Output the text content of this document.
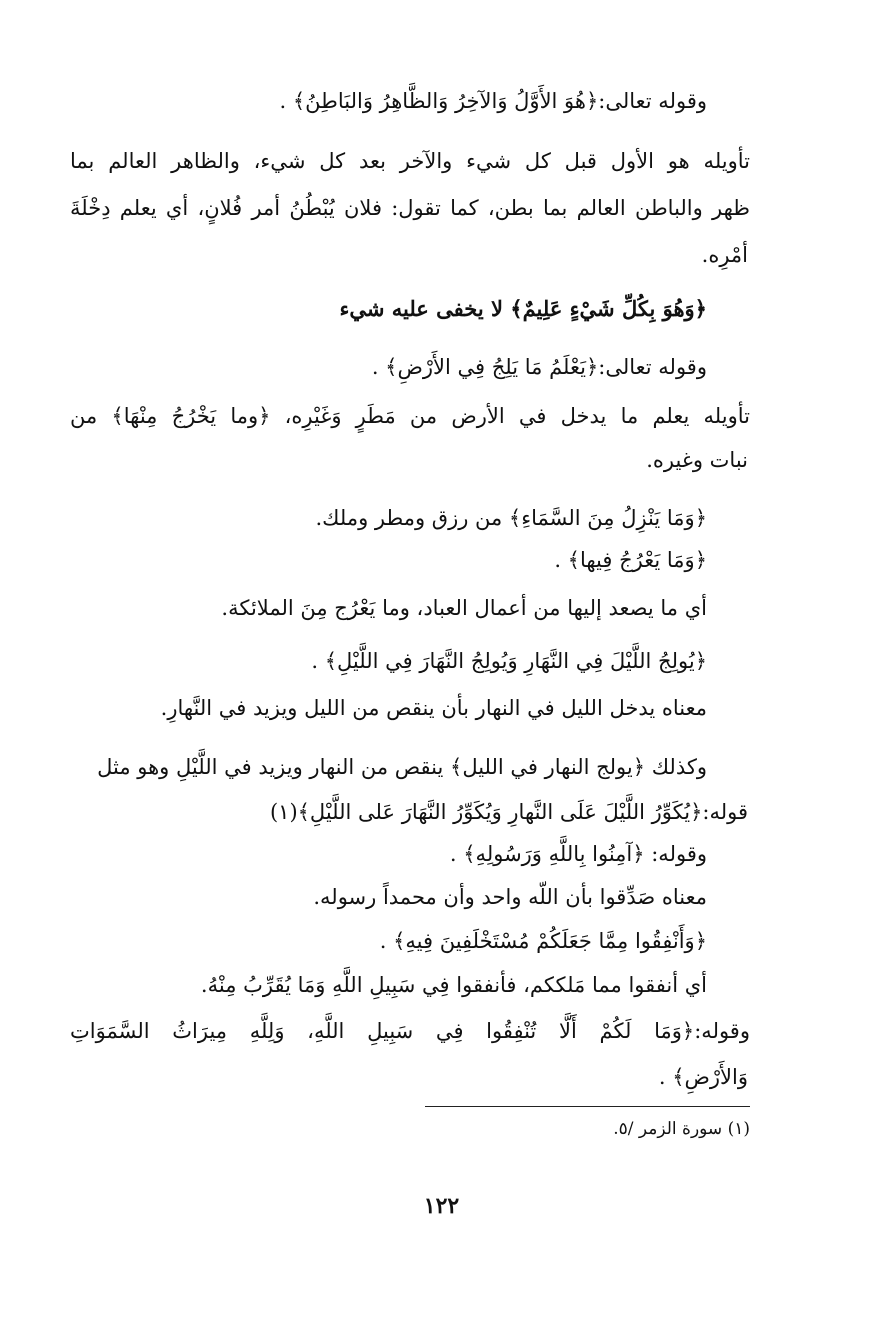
وقوله تعالى:﴿هُوَ الأَوَّلُ وَالآخِرُ وَالظَّاهِرُ وَالبَاطِنُ﴾ .
تأويله هو الأول قبل كل شيء والآخر بعد كل شيء، والظاهر العالم بما
ظهر والباطن العالم بما بطن، كما تقول: فلان يُبْطُنُ أمر فُلانٍ، أي يعلم دِخْلَةَ
أمْرِه.
﴿وَهُوَ بِكُلِّ شَيْءٍ عَلِيمٌ﴾ لا يخفى عليه شيء
وقوله تعالى:﴿يَعْلَمُ مَا يَلِجُ فِي الأَرْضِ﴾ .
تأويله يعلم ما يدخل في الأرض من مَطَرٍ وَغَيْرِه، ﴿وما يَخْرُجُ مِنْهَا﴾ من
نبات وغيره.
﴿وَمَا يَنْزِلُ مِنَ السَّمَاءِ﴾ من رزق ومطر وملك.
﴿وَمَا يَعْرُجُ فِيها﴾ .
أي ما يصعد إليها من أعمال العباد، وما يَعْرُج مِنَ الملائكة.
﴿يُولِجُ اللَّيْلَ فِي النَّهَارِ وَيُولِجُ النَّهَارَ فِي اللَّيْلِ﴾ .
معناه يدخل الليل في النهار بأن ينقص من الليل ويزيد في النَّهارِ.
وكذلك ﴿يولج النهار في الليل﴾ ينقص من النهار ويزيد في اللَّيْلِ وهو مثل
قوله:﴿يُكَوِّرُ اللَّيْلَ عَلَى النَّهارِ وَيُكَوِّرُ النَّهَارَ عَلى اللَّيْلِ﴾(١)
وقوله: ﴿آمِنُوا بِاللَّهِ وَرَسُولِهِ﴾ .
معناه صَدِّقوا بأن اللّه واحد وأن محمداً رسوله.
﴿وَأَنْفِقُوا مِمَّا جَعَلَكُمْ مُسْتَخْلَفِينَ فِيهِ﴾ .
أي أنفقوا مما مَلككم، فأنفقوا فِي سَبِيلِ اللَّهِ وَمَا يُقَرِّبُ مِنْهُ.
وقوله:﴿وَمَا لَكُمْ أَلَّا تُنْفِقُوا فِي سَبِيلِ اللَّهِ، وَلِلَّهِ مِيرَاثُ السَّمَوَاتِ
وَالأَرْضِ﴾ .
(١) سورة الزمر /٥.
١٢٢
